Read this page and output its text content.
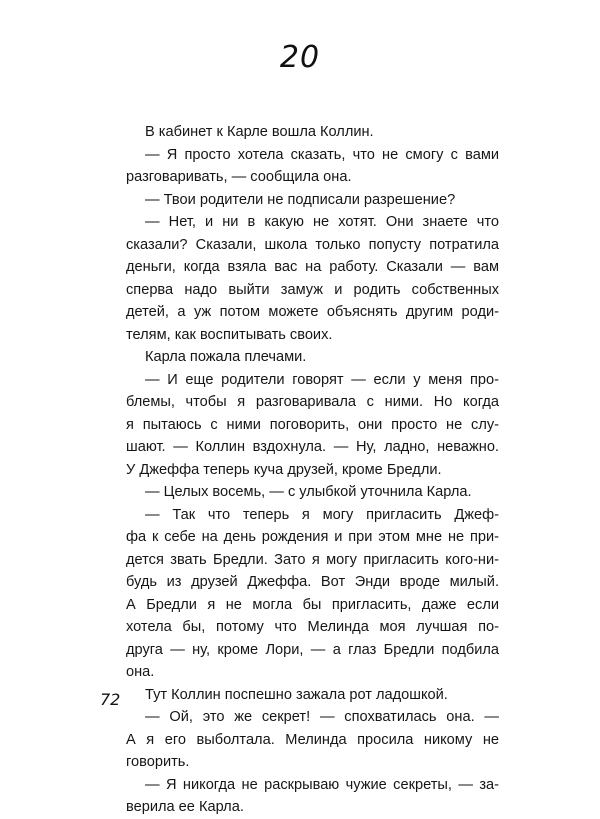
20
В кабинет к Карле вошла Коллин.
— Я просто хотела сказать, что не смогу с вами
разговаривать, — сообщила она.
— Твои родители не подписали разрешение?
— Нет, и ни в какую не хотят. Они знаете что
сказали? Сказали, школа только попусту потратила
деньги, когда взяла вас на работу. Сказали — вам
сперва надо выйти замуж и родить собственных
детей, а уж потом можете объяснять другим роди-
телям, как воспитывать своих.
Карла пожала плечами.
— И еще родители говорят — если у меня про-
блемы, чтобы я разговаривала с ними. Но когда
я пытаюсь с ними поговорить, они просто не слу-
шают. — Коллин вздохнула. — Ну, ладно, неважно.
У Джеффа теперь куча друзей, кроме Бредли.
— Целых восемь, — с улыбкой уточнила Карла.
— Так что теперь я могу пригласить Джеф-
фа к себе на день рождения и при этом мне не при-
дется звать Бредли. Зато я могу пригласить кого-ни-
будь из друзей Джеффа. Вот Энди вроде милый.
А Бредли я не могла бы пригласить, даже если
хотела бы, потому что Мелинда моя лучшая по-
друга — ну, кроме Лори, — а глаз Бредли подбила
она.
Тут Коллин поспешно зажала рот ладошкой.
— Ой, это же секрет! — спохватилась она. —
А я его выболтала. Мелинда просила никому не
говорить.
— Я никогда не раскрываю чужие секреты, — за-
верила ее Карла.
72
